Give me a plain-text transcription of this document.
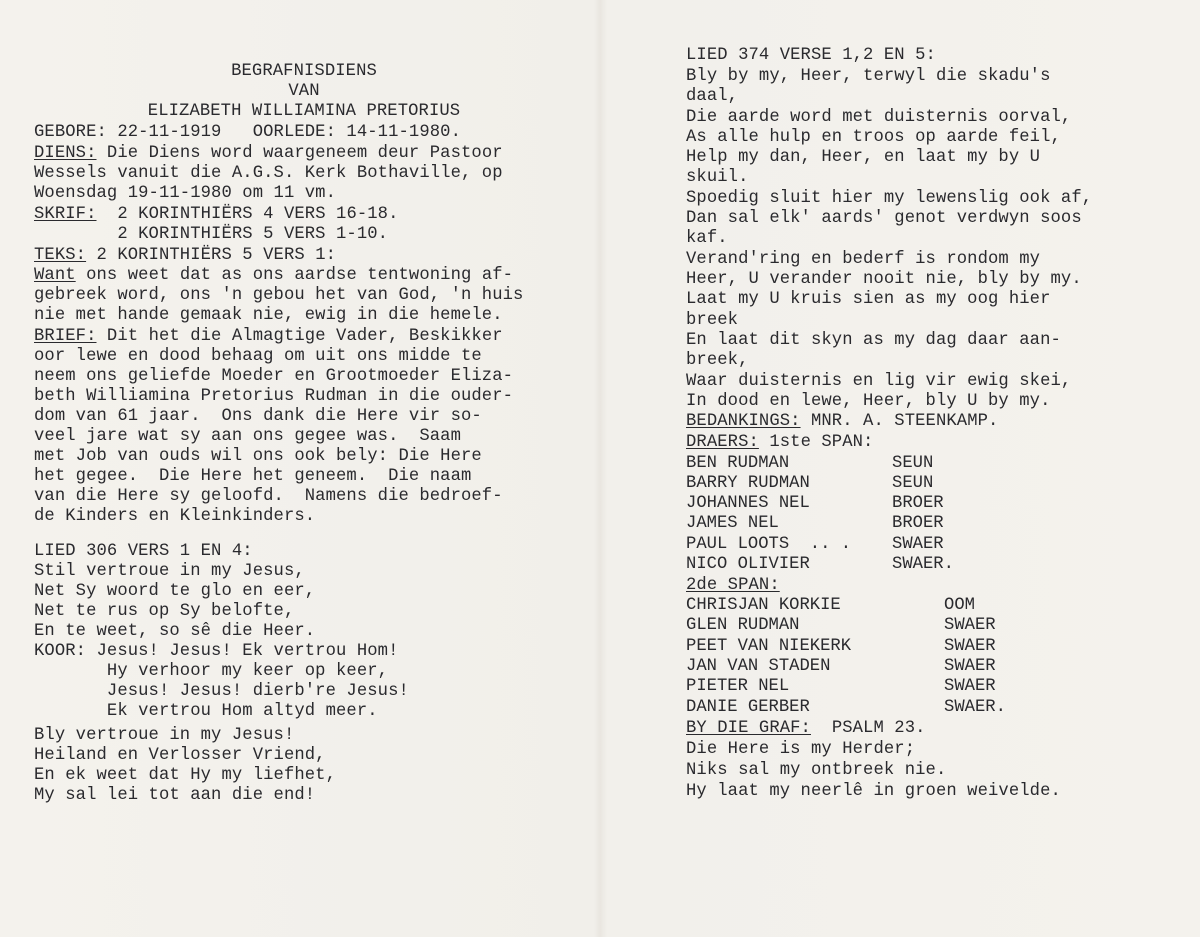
BEGRAFNISDIENS
VAN
ELIZABETH WILLIAMINA PRETORIUS
GEBORE: 22-11-1919   OORLEDE: 14-11-1980.
DIENS: Die Diens word waargeneem deur Pastoor
Wessels vanuit die A.G.S. Kerk Bothaville, op
Woensdag 19-11-1980 om 11 vm.
SKRIF:  2 KORINTHIËRS 4 VERS 16-18.
2 KORINTHIËRS 5 VERS 1-10.
TEKS: 2 KORINTHIËRS 5 VERS 1:
Want ons weet dat as ons aardse tentwoning af-
gebreek word, ons 'n gebou het van God, 'n huis
nie met hande gemaak nie, ewig in die hemele.
BRIEF: Dit het die Almagtige Vader, Beskikker
oor lewe en dood behaag om uit ons midde te
neem ons geliefde Moeder en Grootmoeder Eliza-
beth Williamina Pretorius Rudman in die ouder-
dom van 61 jaar.  Ons dank die Here vir so-
veel jare wat sy aan ons gegee was.  Saam
met Job van ouds wil ons ook bely: Die Here
het gegee.  Die Here het geneem.  Die naam
van die Here sy geloofd.  Namens die bedroef-
de Kinders en Kleinkinders.
LIED 306 VERS 1 EN 4:
Stil vertroue in my Jesus,
Net Sy woord te glo en eer,
Net te rus op Sy belofte,
En te weet, so sê die Heer.
KOOR: Jesus! Jesus! Ek vertrou Hom!
Hy verhoor my keer op keer,
Jesus! Jesus! dierb're Jesus!
Ek vertrou Hom altyd meer.
Bly vertroue in my Jesus!
Heiland en Verlosser Vriend,
En ek weet dat Hy my liefhet,
My sal lei tot aan die end!
LIED 374 VERSE 1,2 EN 5:
Bly by my, Heer, terwyl die skadu's
daal,
Die aarde word met duisternis oorval,
As alle hulp en troos op aarde feil,
Help my dan, Heer, en laat my by U
skuil.
Spoedig sluit hier my lewenslig ook af,
Dan sal elk' aards' genot verdwyn soos
kaf.
Verand'ring en bederf is rondom my
Heer, U verander nooit nie, bly by my.
Laat my U kruis sien as my oog hier
breek
En laat dit skyn as my dag daar aan-
breek,
Waar duisternis en lig vir ewig skei,
In dood en lewe, Heer, bly U by my.
BEDANKINGS: MNR. A. STEENKAMP.
DRAERS: 1ste SPAN:
BEN RUDMAN	SEUN
BARRY RUDMAN	SEUN
JOHANNES NEL	BROER
JAMES NEL	BROER
PAUL LOOTS  .. . SWAER
NICO OLIVIER	SWAER.
2de SPAN:
CHRISJAN KORKIE	OOM
GLEN RUDMAN	SWAER
PEET VAN NIEKERK	SWAER
JAN VAN STADEN	SWAER
PIETER NEL	SWAER
DANIE GERBER	SWAER.
BY DIE GRAF:  PSALM 23.
Die Here is my Herder;
Niks sal my ontbreek nie.
Hy laat my neerlê in groen weivelde.
